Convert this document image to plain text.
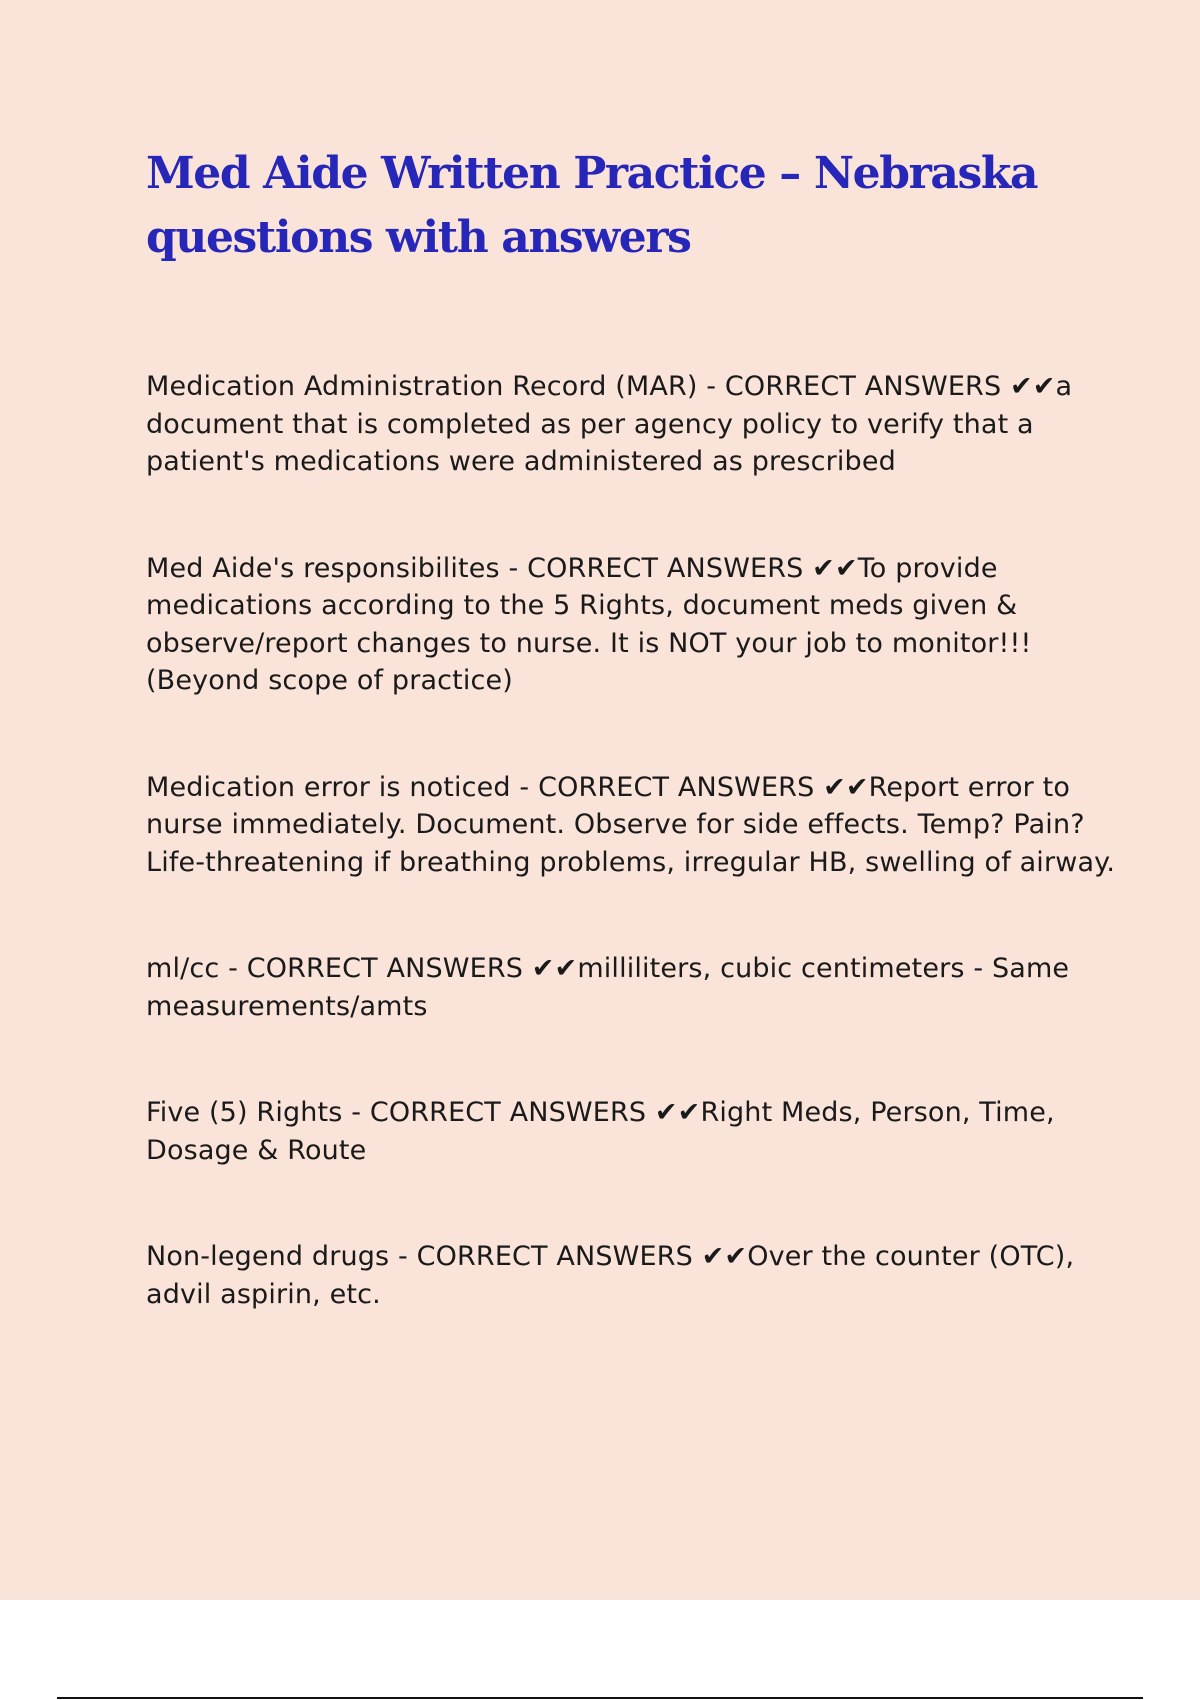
Med Aide Written Practice – Nebraska
questions with answers

Medication Administration Record (MAR) - CORRECT ANSWERS ✔✔a document that is completed as per agency policy to verify that a patient's medications were administered as prescribed

Med Aide's responsibilites - CORRECT ANSWERS ✔✔To provide medications according to the 5 Rights, document meds given & observe/report changes to nurse. It is NOT your job to monitor!!! (Beyond scope of practice)

Medication error is noticed - CORRECT ANSWERS ✔✔Report error to nurse immediately. Document. Observe for side effects. Temp? Pain? Life-threatening if breathing problems, irregular HB, swelling of airway.

ml/cc - CORRECT ANSWERS ✔✔milliliters, cubic centimeters - Same measurements/amts

Five (5) Rights - CORRECT ANSWERS ✔✔Right Meds, Person, Time, Dosage & Route

Non-legend drugs - CORRECT ANSWERS ✔✔Over the counter (OTC), advil aspirin, etc.
